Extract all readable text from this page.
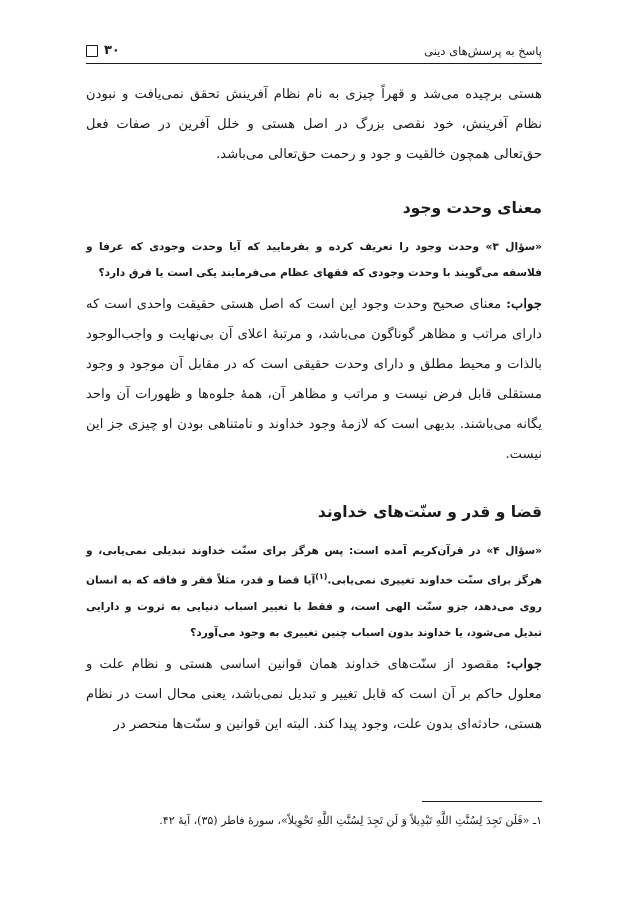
پاسخ به پرسش‌های دینی
۳۰

هستی برچیده می‌شد و قهراً چیزی به نام نظام آفرینش تحقق نمی‌یافت و نبودن نظام آفرینش، خود نقصی بزرگ در اصل هستی و خلل آفرین در صفات فعل حق‌تعالی همچون خالقیت و جود و رحمت حق‌تعالی می‌باشد.

معنای وحدت وجود

«سؤال ۳» وحدت وجود را تعریف کرده و بفرمایید که آیا وحدت وجودی که عرفا و فلاسفه می‌گویند با وحدت وجودی که فقهای عظام می‌فرمایند یکی است یا فرق دارد؟

جواب: معنای صحیح وحدت وجود این است که اصل هستی حقیقت واحدی است که دارای مراتب و مظاهر گوناگون می‌باشد، و مرتبهٔ اعلای آن بی‌نهایت و واجب‌الوجود بالذات و محیط مطلق و دارای وحدت حقیقی است که در مقابل آن موجود و وجود مستقلی قابل فرض نیست و مراتب و مظاهر آن، همهٔ جلوه‌ها و ظهورات آن واحد یگانه می‌باشند. بدیهی است که لازمهٔ وجود خداوند و نامتناهی بودن او چیزی جز این نیست.

قضا و قدر و سنّت‌های خداوند

«سؤال ۴» در قرآن‌کریم آمده است: پس هرگز برای سنّت خداوند تبدیلی نمی‌یابی، و هرگز برای سنّت خداوند تغییری نمی‌یابی.$^{(۱)}$آیا قضا و قدر، مثلاً فقر و فاقه که به انسان روی می‌دهد، جزو سنّت الهی است، و فقط با تغییر اسباب دنیایی به ثروت و دارایی تبدیل می‌شود، یا خداوند بدون اسباب چنین تغییری به وجود می‌آورد؟

جواب: مقصود از سنّت‌های خداوند همان قوانین اساسی هستی و نظام علت و معلول حاکم بر آن است که قابل تغییر و تبدیل نمی‌باشد، یعنی محال است در نظام هستی، حادثه‌ای بدون علت، وجود پیدا کند. البته این قوانین و سنّت‌ها منحصر در

۱ـ «فَلَن تَجِدَ لِسُنَّتِ اللَّهِ تَبْدِیلاً وَ لَن تَجِدَ لِسُنَّتِ اللَّهِ تَحْوِیلاً»، سورهٔ فاطر (۳۵)، آیهٔ ۴۲.
